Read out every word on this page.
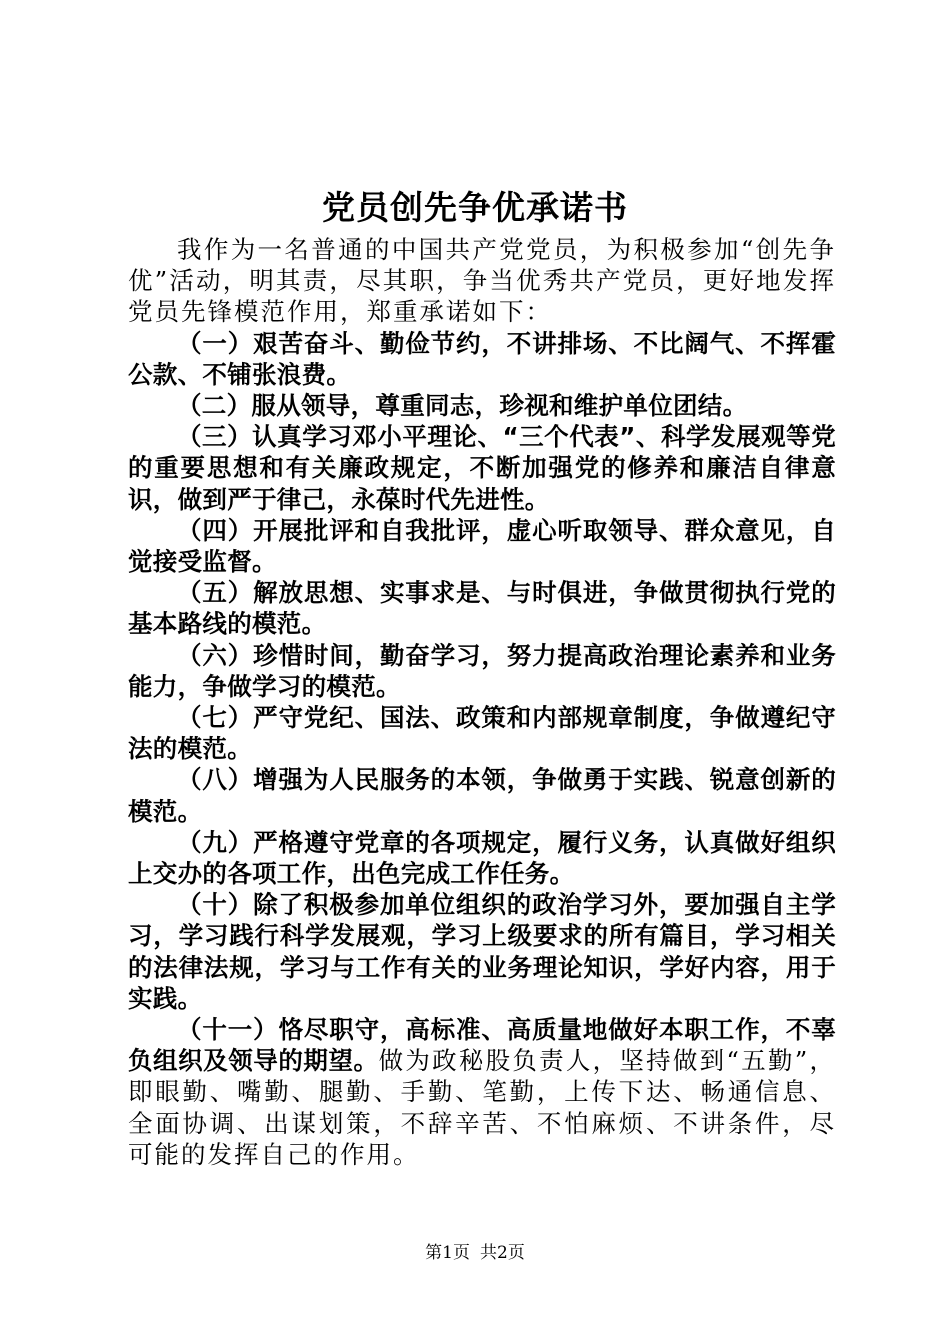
党员创先争优承诺书

我作为一名普通的中国共产党党员，为积极参加“创先争优”活动，明其责，尽其职，争当优秀共产党员，更好地发挥党员先锋模范作用，郑重承诺如下：

（一）艰苦奋斗、勤俭节约，不讲排场、不比阔气、不挥霍公款、不铺张浪费。

（二）服从领导，尊重同志，珍视和维护单位团结。

（三）认真学习邓小平理论、“三个代表”、科学发展观等党的重要思想和有关廉政规定，不断加强党的修养和廉洁自律意识，做到严于律己，永葆时代先进性。

（四）开展批评和自我批评，虚心听取领导、群众意见，自觉接受监督。

（五）解放思想、实事求是、与时俱进，争做贯彻执行党的基本路线的模范。

（六）珍惜时间，勤奋学习，努力提高政治理论素养和业务能力，争做学习的模范。

（七）严守党纪、国法、政策和内部规章制度，争做遵纪守法的模范。

（八）增强为人民服务的本领，争做勇于实践、锐意创新的模范。

（九）严格遵守党章的各项规定，履行义务，认真做好组织上交办的各项工作，出色完成工作任务。

（十）除了积极参加单位组织的政治学习外，要加强自主学习，学习践行科学发展观，学习上级要求的所有篇目，学习相关的法律法规，学习与工作有关的业务理论知识，学好内容，用于实践。

（十一）恪尽职守，高标准、高质量地做好本职工作，不辜负组织及领导的期望。做为政秘股负责人，坚持做到“五勤”，即眼勤、嘴勤、腿勤、手勤、笔勤，上传下达、畅通信息、全面协调、出谋划策，不辞辛苦、不怕麻烦、不讲条件，尽可能的发挥自己的作用。

第1页 共2页
